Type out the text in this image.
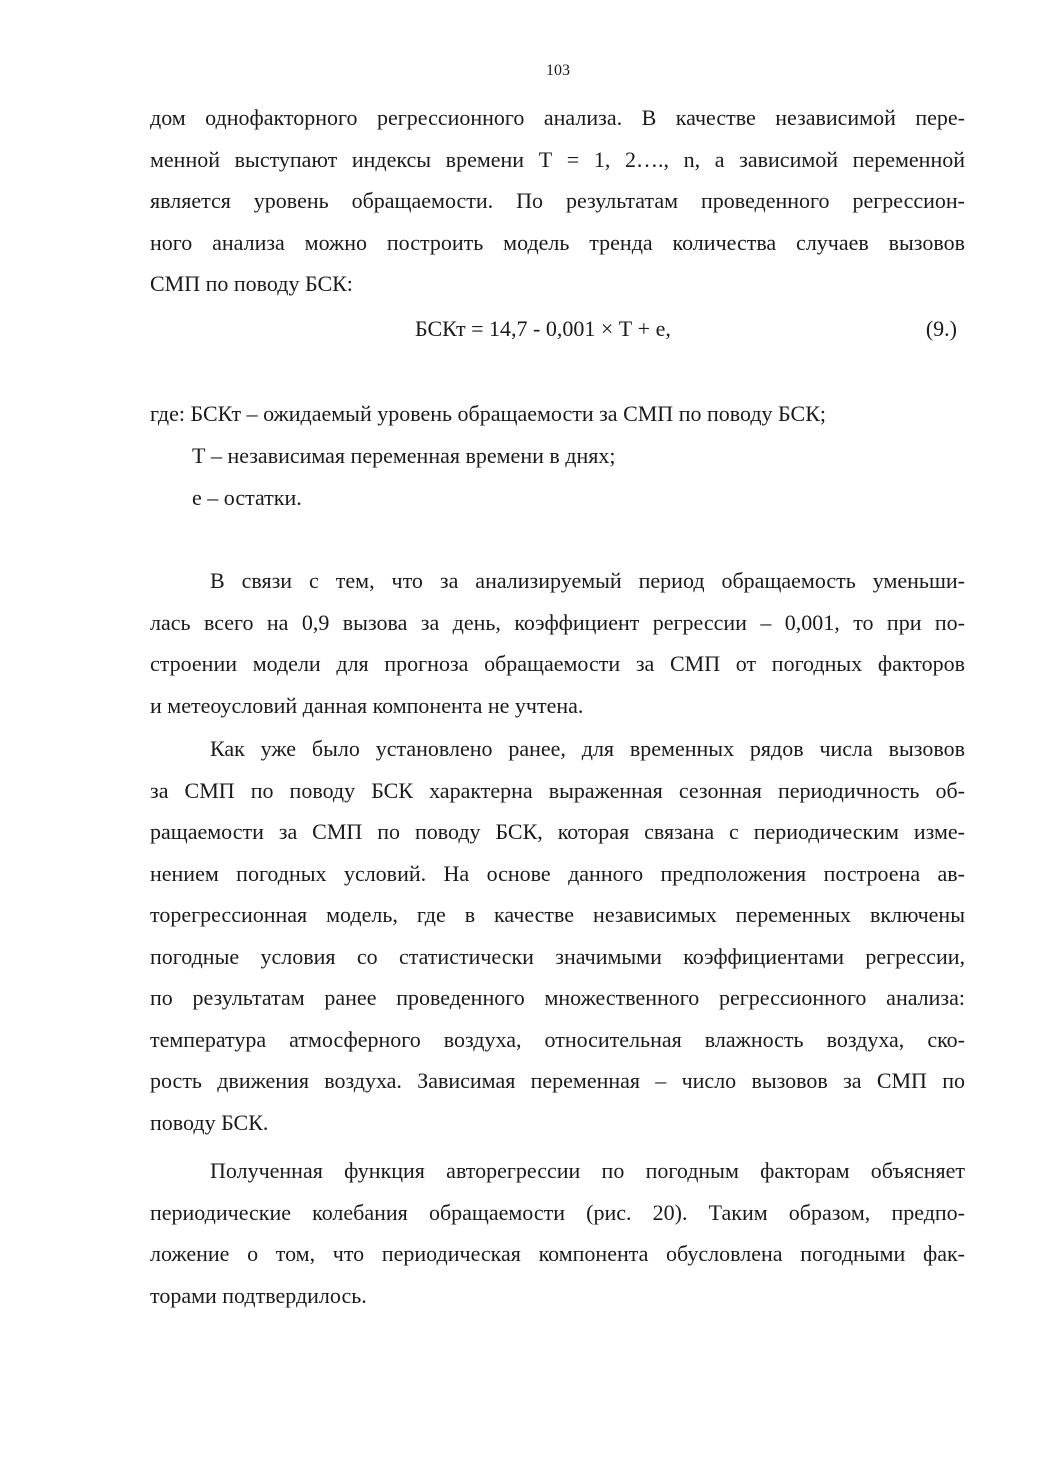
103
дом однофакторного регрессионного анализа. В качестве независимой пере-
менной выступают индексы времени Т = 1, 2…., n, а зависимой переменной
является уровень обращаемости. По результатам проведенного регрессион-
ного анализа можно построить модель тренда количества случаев вызовов
СМП по поводу БСК:
БСКт = 14,7 - 0,001 × Т + е,	(9.)
где: БСКт – ожидаемый уровень обращаемости за СМП по поводу БСК;
Т – независимая переменная времени в днях;
е – остатки.
В связи с тем, что за анализируемый период обращаемость уменьши-
лась всего на 0,9 вызова за день, коэффициент регрессии – 0,001, то при по-
строении модели для прогноза обращаемости за СМП от погодных факторов
и метеоусловий данная компонента не учтена.
Как уже было установлено ранее, для временных рядов числа вызовов
за СМП по поводу БСК характерна выраженная сезонная периодичность об-
ращаемости за СМП по поводу БСК, которая связана с периодическим изме-
нением погодных условий. На основе данного предположения построена ав-
торегрессионная модель, где в качестве независимых переменных включены
погодные условия со статистически значимыми коэффициентами регрессии,
по результатам ранее проведенного множественного регрессионного анализа:
температура атмосферного воздуха, относительная влажность воздуха, ско-
рость движения воздуха. Зависимая переменная – число вызовов за СМП по
поводу БСК.
Полученная функция авторегрессии по погодным факторам объясняет
периодические колебания обращаемости (рис. 20). Таким образом, предпо-
ложение о том, что периодическая компонента обусловлена погодными фак-
торами подтвердилось.
